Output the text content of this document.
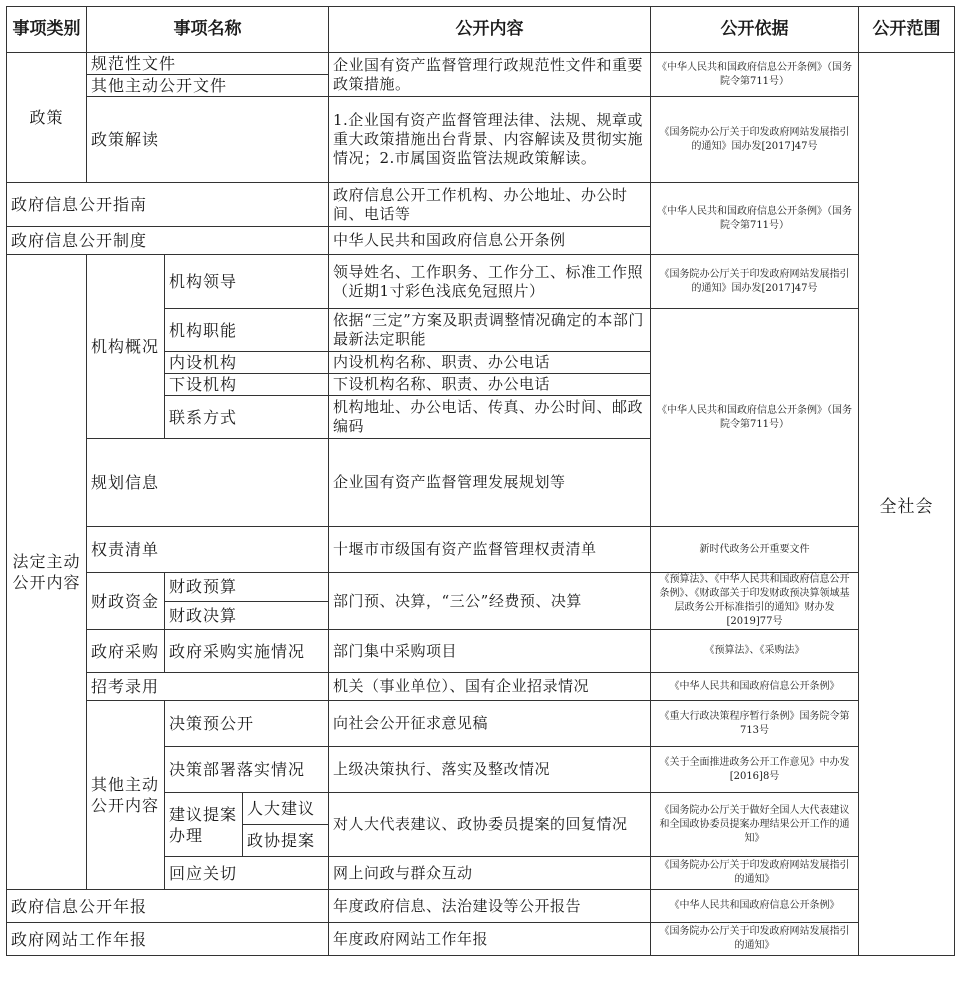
事项类别	事项名称			公开内容	公开依据	公开范围
政策	规范性文件			企业国有资产监督管理行政规范性文件和重要政策措施。	《中华人民共和国政府信息公开条例》（国务院令第711号）	全社会
	其他主动公开文件					
	政策解读			1.企业国有资产监督管理法律、法规、规章或重大政策措施出台背景、内容解读及贯彻实施情况；2.市属国资监管法规政策解读。	《国务院办公厅关于印发政府网站发展指引的通知》国办发[2017]47号	
政府信息公开指南				政府信息公开工作机构、办公地址、办公时间、电话等	《中华人民共和国政府信息公开条例》（国务院令第711号）	
政府信息公开制度				中华人民共和国政府信息公开条例		
法定主动公开内容	机构概况	机构领导		领导姓名、工作职务、工作分工、标准工作照（近期1寸彩色浅底免冠照片）	《国务院办公厅关于印发政府网站发展指引的通知》国办发[2017]47号	
		机构职能		依据“三定”方案及职责调整情况确定的本部门最新法定职能	《中华人民共和国政府信息公开条例》（国务院令第711号）	
		内设机构		内设机构名称、职责、办公电话		
		下设机构		下设机构名称、职责、办公电话		
		联系方式		机构地址、办公电话、传真、办公时间、邮政编码		
	规划信息			企业国有资产监督管理发展规划等		
	权责清单			十堰市市级国有资产监督管理权责清单	新时代政务公开重要文件	
	财政资金	财政预算		部门预、决算，“三公”经费预、决算	《预算法》、《中华人民共和国政府信息公开条例》、《财政部关于印发财政预决算领域基层政务公开标准指引的通知》财办发[2019]77号	
		财政决算				
	政府采购	政府采购实施情况		部门集中采购项目	《预算法》、《采购法》	
	招考录用			机关（事业单位）、国有企业招录情况	《中华人民共和国政府信息公开条例》	
	其他主动公开内容	决策预公开		向社会公开征求意见稿	《重大行政决策程序暂行条例》国务院令第713号	
		决策部署落实情况		上级决策执行、落实及整改情况	《关于全面推进政务公开工作意见》中办发[2016]8号	
		建议提案办理	人大建议	对人大代表建议、政协委员提案的回复情况	《国务院办公厅关于做好全国人大代表建议和全国政协委员提案办理结果公开工作的通知》	
			政协提案			
		回应关切		网上问政与群众互动	《国务院办公厅关于印发政府网站发展指引的通知》	
政府信息公开年报				年度政府信息、法治建设等公开报告	《中华人民共和国政府信息公开条例》	
政府网站工作年报				年度政府网站工作年报	《国务院办公厅关于印发政府网站发展指引的通知》	
